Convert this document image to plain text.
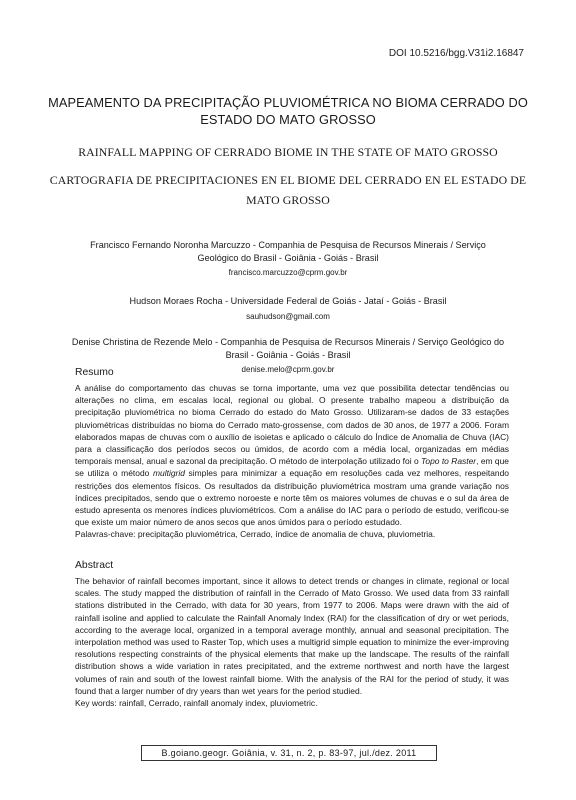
DOI 10.5216/bgg.V31i2.16847
MAPEAMENTO DA PRECIPITAÇÃO PLUVIOMÉTRICA NO BIOMA CERRADO DO ESTADO DO MATO GROSSO
RAINFALL MAPPING OF CERRADO BIOME IN THE STATE OF MATO GROSSO
CARTOGRAFIA DE PRECIPITACIONES EN EL BIOME DEL CERRADO EN EL ESTADO DE MATO GROSSO
Francisco Fernando Noronha Marcuzzo - Companhia de Pesquisa de Recursos Minerais / Serviço Geológico do Brasil - Goiânia - Goiás - Brasil
francisco.marcuzzo@cprm.gov.br
Hudson Moraes Rocha - Universidade Federal de Goiás - Jataí - Goiás - Brasil
sauhudson@gmail.com
Denise Christina de Rezende Melo - Companhia de Pesquisa de Recursos Minerais / Serviço Geológico do Brasil - Goiânia - Goiás - Brasil
denise.melo@cprm.gov.br
Resumo
A análise do comportamento das chuvas se torna importante, uma vez que possibilita detectar tendências ou alterações no clima, em escalas local, regional ou global. O presente trabalho mapeou a distribuição da precipitação pluviométrica no bioma Cerrado do estado do Mato Grosso. Utilizaram-se dados de 33 estações pluviométricas distribuídas no bioma do Cerrado mato-grossense, com dados de 30 anos, de 1977 a 2006. Foram elaborados mapas de chuvas com o auxílio de isoietas e aplicado o cálculo do Índice de Anomalia de Chuva (IAC) para a classificação dos períodos secos ou úmidos, de acordo com a média local, organizadas em médias temporais mensal, anual e sazonal da precipitação. O método de interpolação utilizado foi o Topo to Raster, em que se utiliza o método multigrid simples para minimizar a equação em resoluções cada vez melhores, respeitando restrições dos elementos físicos. Os resultados da distribuição pluviométrica mostram uma grande variação nos índices precipitados, sendo que o extremo noroeste e norte têm os maiores volumes de chuvas e o sul da área de estudo apresenta os menores índices pluviométricos. Com a análise do IAC para o período de estudo, verificou-se que existe um maior número de anos secos que anos úmidos para o período estudado.
Palavras-chave: precipitação pluviométrica, Cerrado, índice de anomalia de chuva, pluviometria.
Abstract
The behavior of rainfall becomes important, since it allows to detect trends or changes in climate, regional or local scales. The study mapped the distribution of rainfall in the Cerrado of Mato Grosso. We used data from 33 rainfall stations distributed in the Cerrado, with data for 30 years, from 1977 to 2006. Maps were drawn with the aid of rainfall isoline and applied to calculate the Rainfall Anomaly Index (RAI) for the classification of dry or wet periods, according to the average local, organized in a temporal average monthly, annual and seasonal precipitation. The interpolation method was used to Raster Top, which uses a multigrid simple equation to minimize the ever-improving resolutions respecting constraints of the physical elements that make up the landscape. The results of the rainfall distribution shows a wide variation in rates precipitated, and the extreme northwest and north have the largest volumes of rain and south of the lowest rainfall biome. With the analysis of the RAI for the period of study, it was found that a larger number of dry years than wet years for the period studied.
Key words: rainfall, Cerrado, rainfall anomaly index, pluviometric.
B.goiano.geogr. Goiânia, v. 31, n. 2, p. 83-97, jul./dez. 2011
